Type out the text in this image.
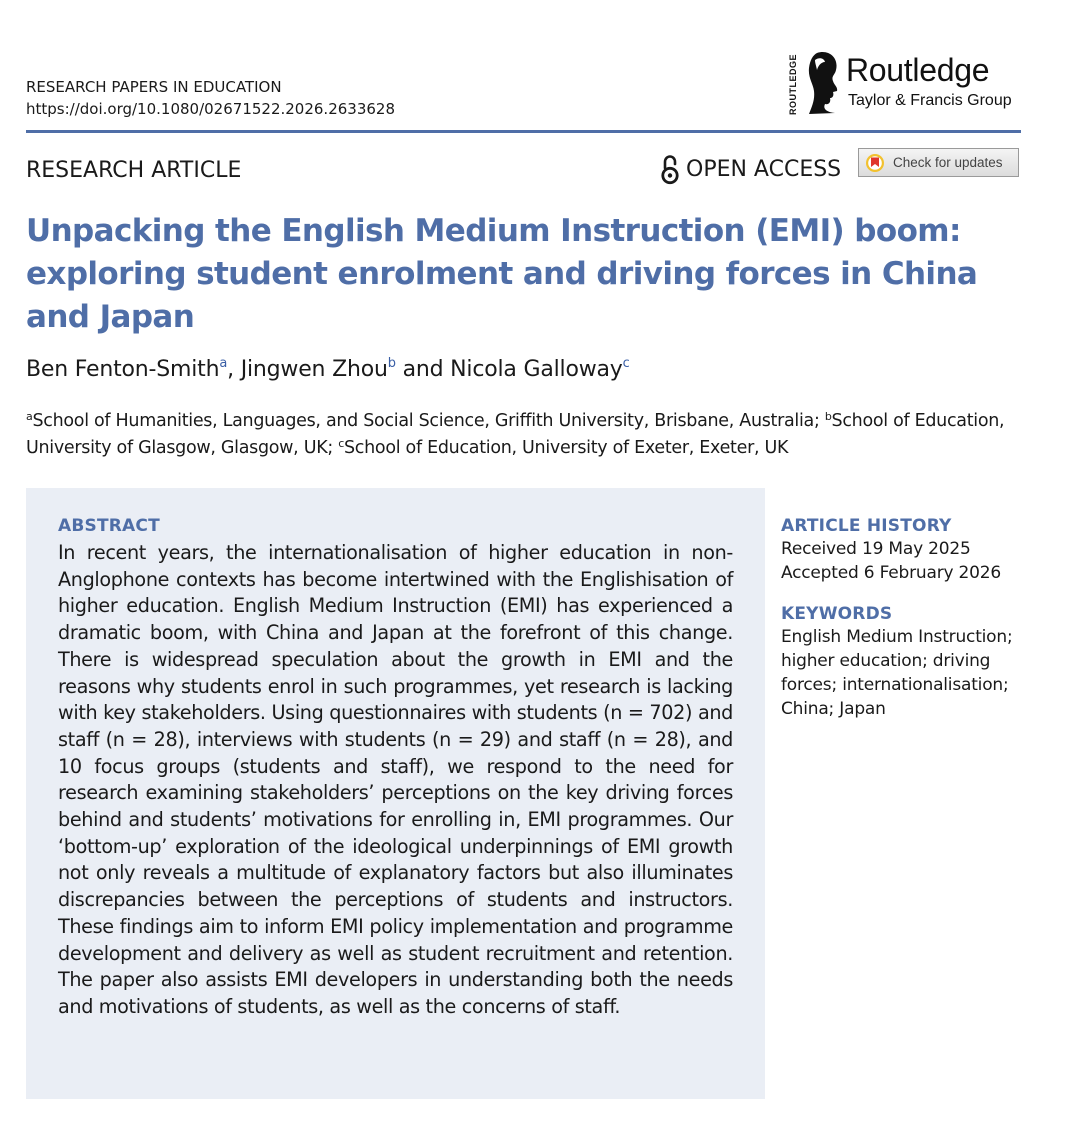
RESEARCH PAPERS IN EDUCATION
https://doi.org/10.1080/02671522.2026.2633628	ROUTLEDGE Routledge
Taylor & Francis Group
RESEARCH ARTICLE	OPEN ACCESS	Check for updates
Unpacking the English Medium Instruction (EMI) boom: exploring student enrolment and driving forces in China and Japan
Ben Fenton-Smith$^a$, Jingwen Zhou$^b$ and Nicola Galloway$^c$
$^a$School of Humanities, Languages, and Social Science, Griffith University, Brisbane, Australia; $^b$School of Education, University of Glasgow, Glasgow, UK; $^c$School of Education, University of Exeter, Exeter, UK
ABSTRACT

In recent years, the internationalisation of higher education in non-Anglophone contexts has become intertwined with the Englishisation of higher education. English Medium Instruction (EMI) has experienced a dramatic boom, with China and Japan at the forefront of this change. There is widespread speculation about the growth in EMI and the reasons why students enrol in such programmes, yet research is lacking with key stakeholders. Using questionnaires with students (n = 702) and staff (n = 28), interviews with students (n = 29) and staff (n = 28), and 10 focus groups (students and staff), we respond to the need for research examining stakeholders’ perceptions on the key driving forces behind and students’ motivations for enrolling in, EMI programmes. Our ‘bottom-up’ exploration of the ideological underpinnings of EMI growth not only reveals a multitude of explanatory factors but also illuminates discrepancies between the perceptions of students and instructors. These findings aim to inform EMI policy implementation and programme development and delivery as well as student recruitment and retention. The paper also assists EMI developers in understanding both the needs and motivations of students, as well as the concerns of staff.

ARTICLE HISTORY
Received 19 May 2025
Accepted 6 February 2026
KEYWORDS
English Medium Instruction; higher education; driving forces; internationalisation; China; Japan
